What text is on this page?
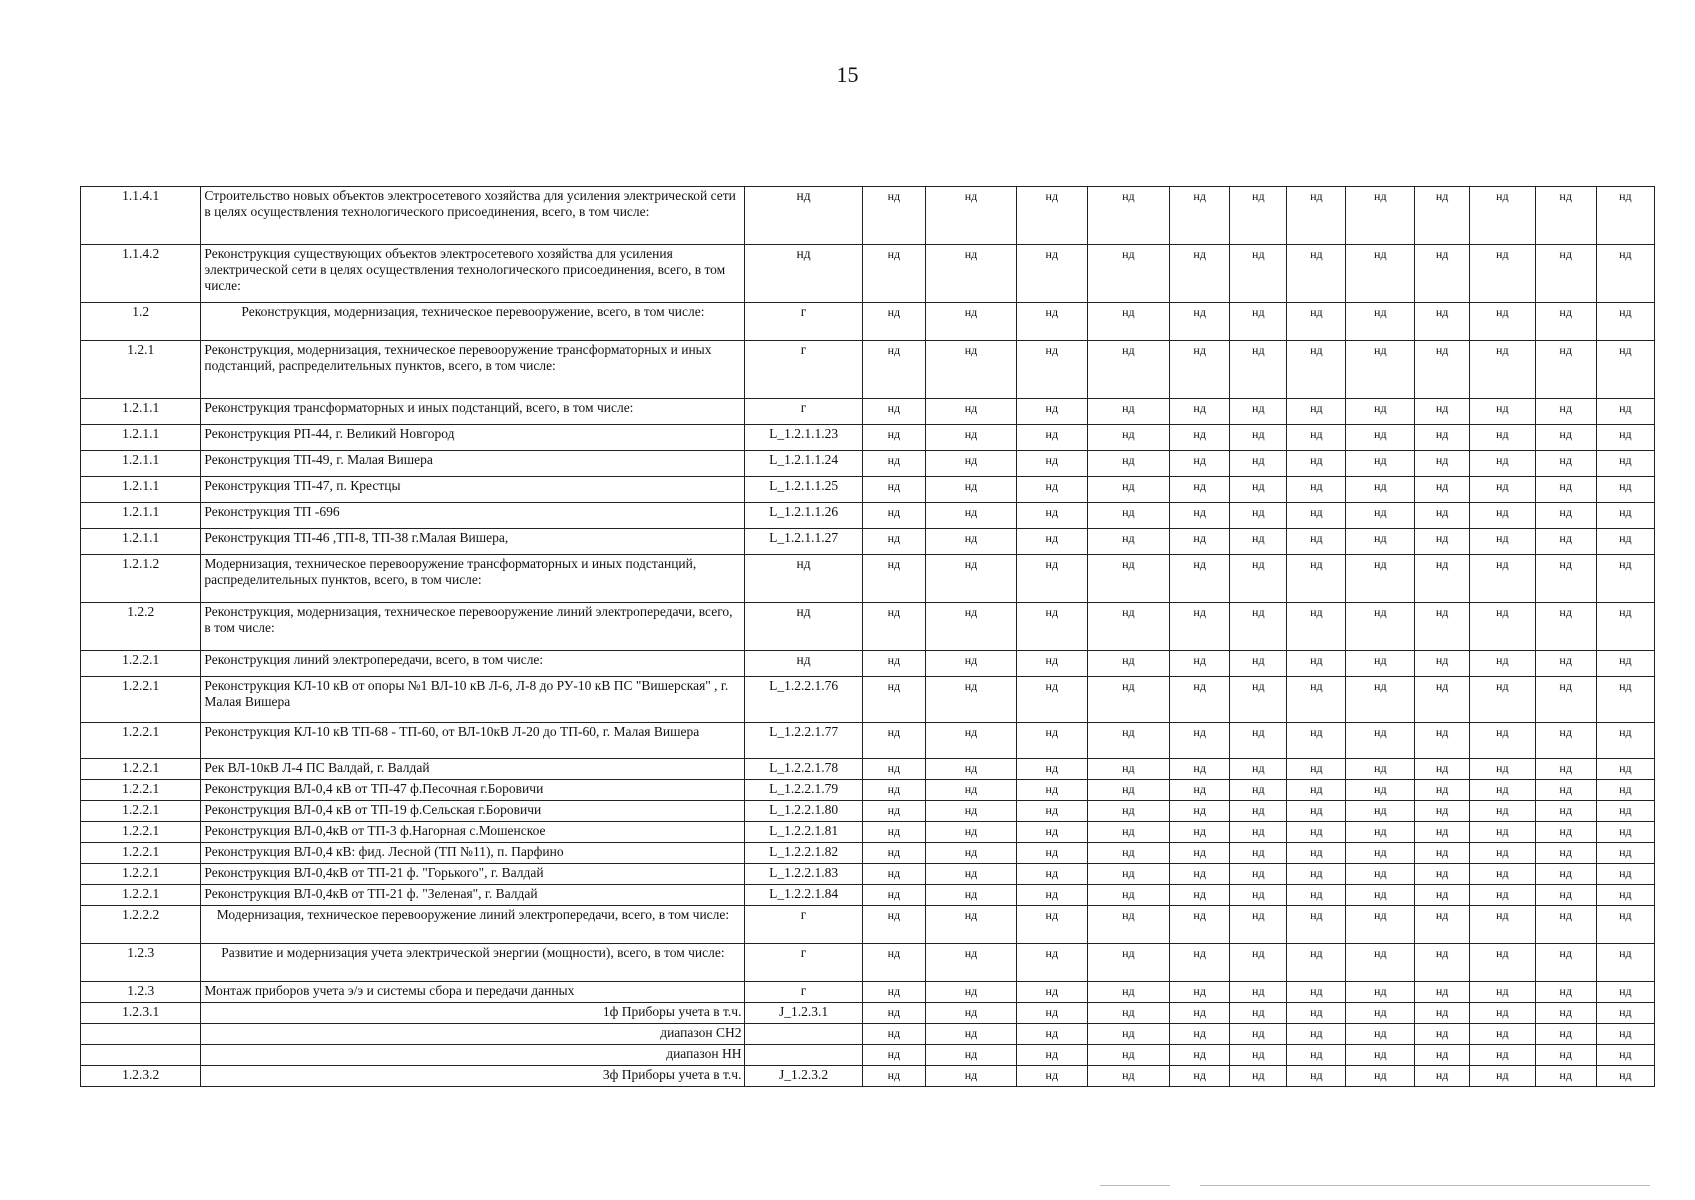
15
1.1.4.1	Строительство новых объектов электросетевого хозяйства для усиления электрической сети в целях осуществления технологического присоединения, всего, в том числе:	нд	нд	нд	нд	нд	нд	нд	нд	нд	нд	нд	нд	нд
1.1.4.2	Реконструкция существующих объектов электросетевого хозяйства для усиления электрической сети в целях осуществления технологического присоединения, всего, в том числе:	нд	нд	нд	нд	нд	нд	нд	нд	нд	нд	нд	нд	нд
1.2	Реконструкция, модернизация, техническое перевооружение, всего, в том числе:	г	нд	нд	нд	нд	нд	нд	нд	нд	нд	нд	нд	нд
1.2.1	Реконструкция, модернизация, техническое перевооружение трансформаторных и иных подстанций, распределительных пунктов, всего, в том числе:	г	нд	нд	нд	нд	нд	нд	нд	нд	нд	нд	нд	нд
1.2.1.1	Реконструкция трансформаторных и иных подстанций, всего, в том числе:	г	нд	нд	нд	нд	нд	нд	нд	нд	нд	нд	нд	нд
1.2.1.1	Реконструкция РП-44, г. Великий Новгород	L_1.2.1.1.23	нд	нд	нд	нд	нд	нд	нд	нд	нд	нд	нд	нд
1.2.1.1	Реконструкция ТП-49, г. Малая Вишера	L_1.2.1.1.24	нд	нд	нд	нд	нд	нд	нд	нд	нд	нд	нд	нд
1.2.1.1	Реконструкция ТП-47, п. Крестцы	L_1.2.1.1.25	нд	нд	нд	нд	нд	нд	нд	нд	нд	нд	нд	нд
1.2.1.1	Реконструкция ТП -696	L_1.2.1.1.26	нд	нд	нд	нд	нд	нд	нд	нд	нд	нд	нд	нд
1.2.1.1	Реконструкция ТП-46 ,ТП-8, ТП-38 г.Малая Вишера,	L_1.2.1.1.27	нд	нд	нд	нд	нд	нд	нд	нд	нд	нд	нд	нд
1.2.1.2	Модернизация, техническое перевооружение трансформаторных и иных подстанций, распределительных пунктов, всего, в том числе:	нд	нд	нд	нд	нд	нд	нд	нд	нд	нд	нд	нд	нд
1.2.2	Реконструкция, модернизация, техническое перевооружение линий электропередачи, всего, в том числе:	нд	нд	нд	нд	нд	нд	нд	нд	нд	нд	нд	нд	нд
1.2.2.1	Реконструкция линий электропередачи, всего, в том числе:	нд	нд	нд	нд	нд	нд	нд	нд	нд	нд	нд	нд	нд
1.2.2.1	Реконструкция КЛ-10 кВ от опоры №1 ВЛ-10 кВ Л-6, Л-8 до РУ-10 кВ ПС "Вишерская" , г. Малая Вишера	L_1.2.2.1.76	нд	нд	нд	нд	нд	нд	нд	нд	нд	нд	нд	нд
1.2.2.1	Реконструкция КЛ-10 кВ ТП-68 - ТП-60, от ВЛ-10кВ Л-20 до ТП-60, г. Малая Вишера	L_1.2.2.1.77	нд	нд	нд	нд	нд	нд	нд	нд	нд	нд	нд	нд
1.2.2.1	Рек ВЛ-10кВ Л-4 ПС Валдай, г. Валдай	L_1.2.2.1.78	нд	нд	нд	нд	нд	нд	нд	нд	нд	нд	нд	нд
1.2.2.1	Реконструкция ВЛ-0,4 кВ от ТП-47 ф.Песочная г.Боровичи	L_1.2.2.1.79	нд	нд	нд	нд	нд	нд	нд	нд	нд	нд	нд	нд
1.2.2.1	Реконструкция ВЛ-0,4 кВ от ТП-19 ф.Сельская г.Боровичи	L_1.2.2.1.80	нд	нд	нд	нд	нд	нд	нд	нд	нд	нд	нд	нд
1.2.2.1	Реконструкция ВЛ-0,4кВ от ТП-3 ф.Нагорная с.Мошенское	L_1.2.2.1.81	нд	нд	нд	нд	нд	нд	нд	нд	нд	нд	нд	нд
1.2.2.1	Реконструкция ВЛ-0,4 кВ: фид. Лесной (ТП №11), п. Парфино	L_1.2.2.1.82	нд	нд	нд	нд	нд	нд	нд	нд	нд	нд	нд	нд
1.2.2.1	Реконструкция ВЛ-0,4кВ от ТП-21 ф. "Горького", г. Валдай	L_1.2.2.1.83	нд	нд	нд	нд	нд	нд	нд	нд	нд	нд	нд	нд
1.2.2.1	Реконструкция ВЛ-0,4кВ от ТП-21 ф. "Зеленая", г. Валдай	L_1.2.2.1.84	нд	нд	нд	нд	нд	нд	нд	нд	нд	нд	нд	нд
1.2.2.2	Модернизация, техническое перевооружение линий электропередачи, всего, в том числе:	г	нд	нд	нд	нд	нд	нд	нд	нд	нд	нд	нд	нд
1.2.3	Развитие и модернизация учета электрической энергии (мощности), всего, в том числе:	г	нд	нд	нд	нд	нд	нд	нд	нд	нд	нд	нд	нд
1.2.3	Монтаж приборов учета э/э и системы сбора и передачи данных	г	нд	нд	нд	нд	нд	нд	нд	нд	нд	нд	нд	нд
1.2.3.1	1ф Приборы учета в т.ч.	J_1.2.3.1	нд	нд	нд	нд	нд	нд	нд	нд	нд	нд	нд	нд
	диапазон СН2		нд	нд	нд	нд	нд	нд	нд	нд	нд	нд	нд	нд
	диапазон НН		нд	нд	нд	нд	нд	нд	нд	нд	нд	нд	нд	нд
1.2.3.2	3ф Приборы учета в т.ч.	J_1.2.3.2	нд	нд	нд	нд	нд	нд	нд	нд	нд	нд	нд	нд
